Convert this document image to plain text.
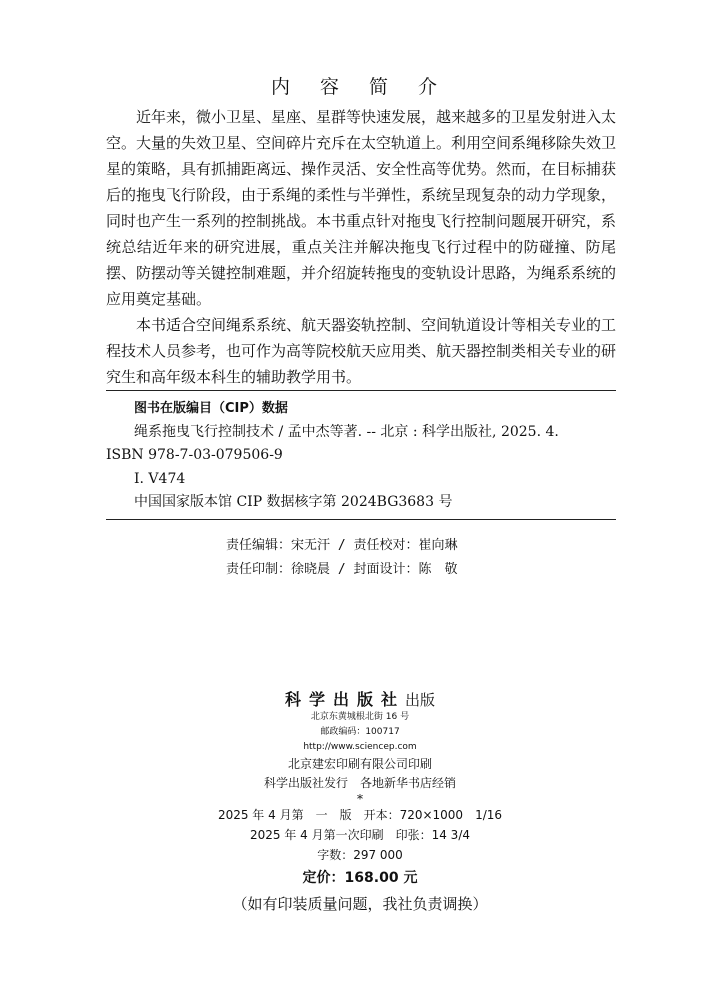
内 容 简 介

近年来，微小卫星、星座、星群等快速发展，越来越多的卫星发射进入太空。大量的失效卫星、空间碎片充斥在太空轨道上。利用空间系绳移除失效卫星的策略，具有抓捕距离远、操作灵活、安全性高等优势。然而，在目标捕获后的拖曳飞行阶段，由于系绳的柔性与半弹性，系统呈现复杂的动力学现象，同时也产生一系列的控制挑战。本书重点针对拖曳飞行控制问题展开研究，系统总结近年来的研究进展，重点关注并解决拖曳飞行过程中的防碰撞、防尾摆、防摆动等关键控制难题，并介绍旋转拖曳的变轨设计思路，为绳系系统的应用奠定基础。

本书适合空间绳系系统、航天器姿轨控制、空间轨道设计等相关专业的工程技术人员参考，也可作为高等院校航天应用类、航天器控制类相关专业的研究生和高年级本科生的辅助教学用书。

图书在版编目（CIP）数据
绳系拖曳飞行控制技术 / 孟中杰等著. -- 北京 : 科学出版社, 2025. 4.
ISBN 978-7-03-079506-9
Ⅰ. V474
中国国家版本馆 CIP 数据核字第 2024BG3683 号
责任编辑：宋无汗 / 责任校对：崔向琳
责任印制：徐晓晨 / 封面设计：陈　敬
科学出版社出版
北京东黄城根北街 16 号
邮政编码：100717
http://www.sciencep.com
北京建宏印刷有限公司印刷
科学出版社发行　各地新华书店经销
*
2025 年 4 月第　一　版　开本：720×1000　1/16
2025 年 4 月第一次印刷　印张：14 3/4
字数：297 000
定价：168.00 元
（如有印装质量问题，我社负责调换）
